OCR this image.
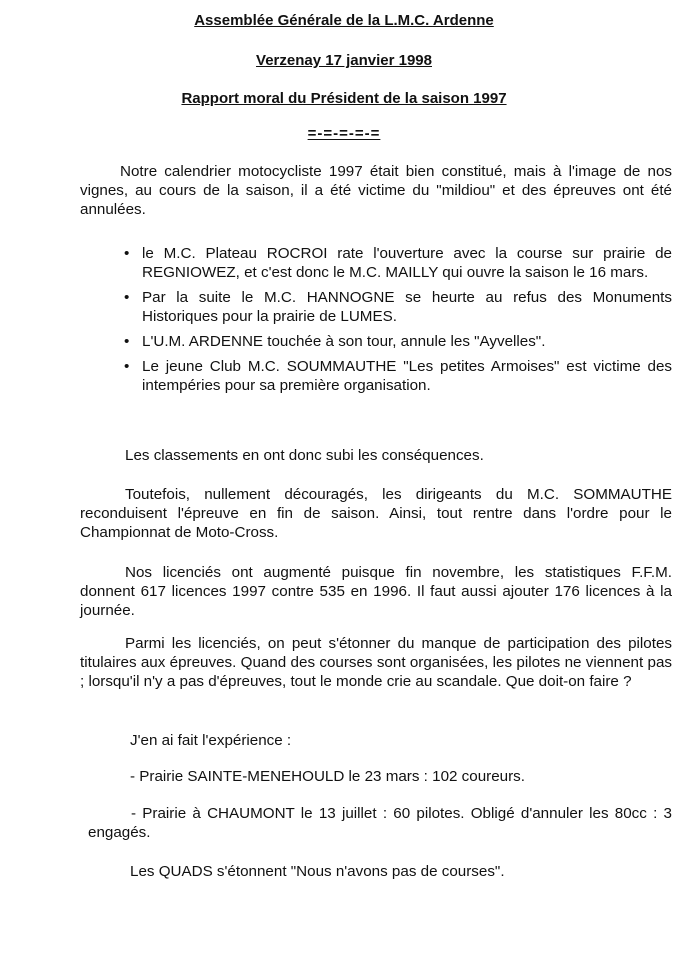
Assemblée Générale de la L.M.C. Ardenne
Verzenay 17 janvier 1998
Rapport moral du Président de la saison 1997
=-=-=-=-=
Notre calendrier motocycliste 1997 était bien constitué, mais à l'image de nos vignes, au cours de la saison, il a été victime du "mildiou" et des épreuves ont été annulées.
• le M.C. Plateau ROCROI rate l'ouverture avec la course sur prairie de REGNIOWEZ, et c'est donc le M.C. MAILLY qui ouvre la saison le 16 mars.
• Par la suite le M.C. HANNOGNE se heurte au refus des Monuments Historiques pour la prairie de LUMES.
• L'U.M. ARDENNE touchée à son tour, annule les "Ayvelles".
• Le jeune Club M.C. SOUMMAUTHE "Les petites Armoises" est victime des intempéries pour sa première organisation.
Les classements en ont donc subi les conséquences.
Toutefois, nullement découragés, les dirigeants du M.C. SOMMAUTHE reconduisent l'épreuve en fin de saison. Ainsi, tout rentre dans l'ordre pour le Championnat de Moto-Cross.
Nos licenciés ont augmenté puisque fin novembre, les statistiques F.F.M. donnent 617 licences 1997 contre 535 en 1996. Il faut aussi ajouter 176 licences à la journée.
Parmi les licenciés, on peut s'étonner du manque de participation des pilotes titulaires aux épreuves. Quand des courses sont organisées, les pilotes ne viennent pas ; lorsqu'il n'y a pas d'épreuves, tout le monde crie au scandale. Que doit-on faire ?
J'en ai fait l'expérience :
- Prairie SAINTE-MENEHOULD le 23 mars : 102 coureurs.
- Prairie à CHAUMONT le 13 juillet : 60 pilotes. Obligé d'annuler les 80cc : 3 engagés.
Les QUADS s'étonnent "Nous n'avons pas de courses".
